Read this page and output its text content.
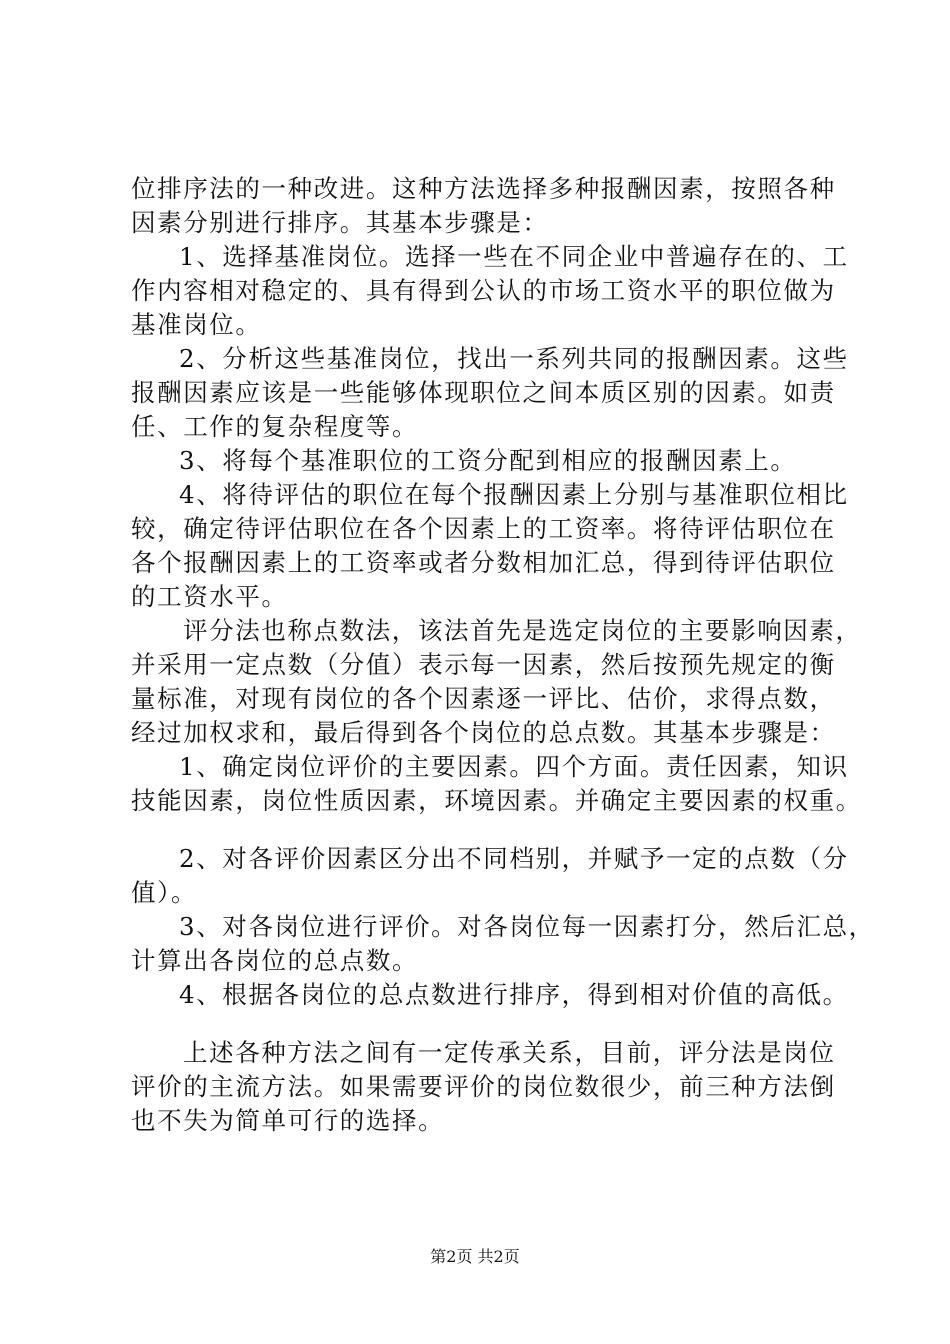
位排序法的一种改进。这种方法选择多种报酬因素，按照各种
因素分别进行排序。其基本步骤是：
1、选择基准岗位。选择一些在不同企业中普遍存在的、工
作内容相对稳定的、具有得到公认的市场工资水平的职位做为
基准岗位。
2、分析这些基准岗位，找出一系列共同的报酬因素。这些
报酬因素应该是一些能够体现职位之间本质区别的因素。如责
任、工作的复杂程度等。
3、将每个基准职位的工资分配到相应的报酬因素上。
4、将待评估的职位在每个报酬因素上分别与基准职位相比
较，确定待评估职位在各个因素上的工资率。将待评估职位在
各个报酬因素上的工资率或者分数相加汇总，得到待评估职位
的工资水平。
评分法也称点数法，该法首先是选定岗位的主要影响因素，
并采用一定点数（分值）表示每一因素，然后按预先规定的衡
量标准，对现有岗位的各个因素逐一评比、估价，求得点数，
经过加权求和，最后得到各个岗位的总点数。其基本步骤是：
1、确定岗位评价的主要因素。四个方面。责任因素，知识
技能因素，岗位性质因素，环境因素。并确定主要因素的权重。
2、对各评价因素区分出不同档别，并赋予一定的点数（分
值）。
3、对各岗位进行评价。对各岗位每一因素打分，然后汇总，
计算出各岗位的总点数。
4、根据各岗位的总点数进行排序，得到相对价值的高低。
上述各种方法之间有一定传承关系，目前，评分法是岗位
评价的主流方法。如果需要评价的岗位数很少，前三种方法倒
也不失为简单可行的选择。
第2页 共2页
